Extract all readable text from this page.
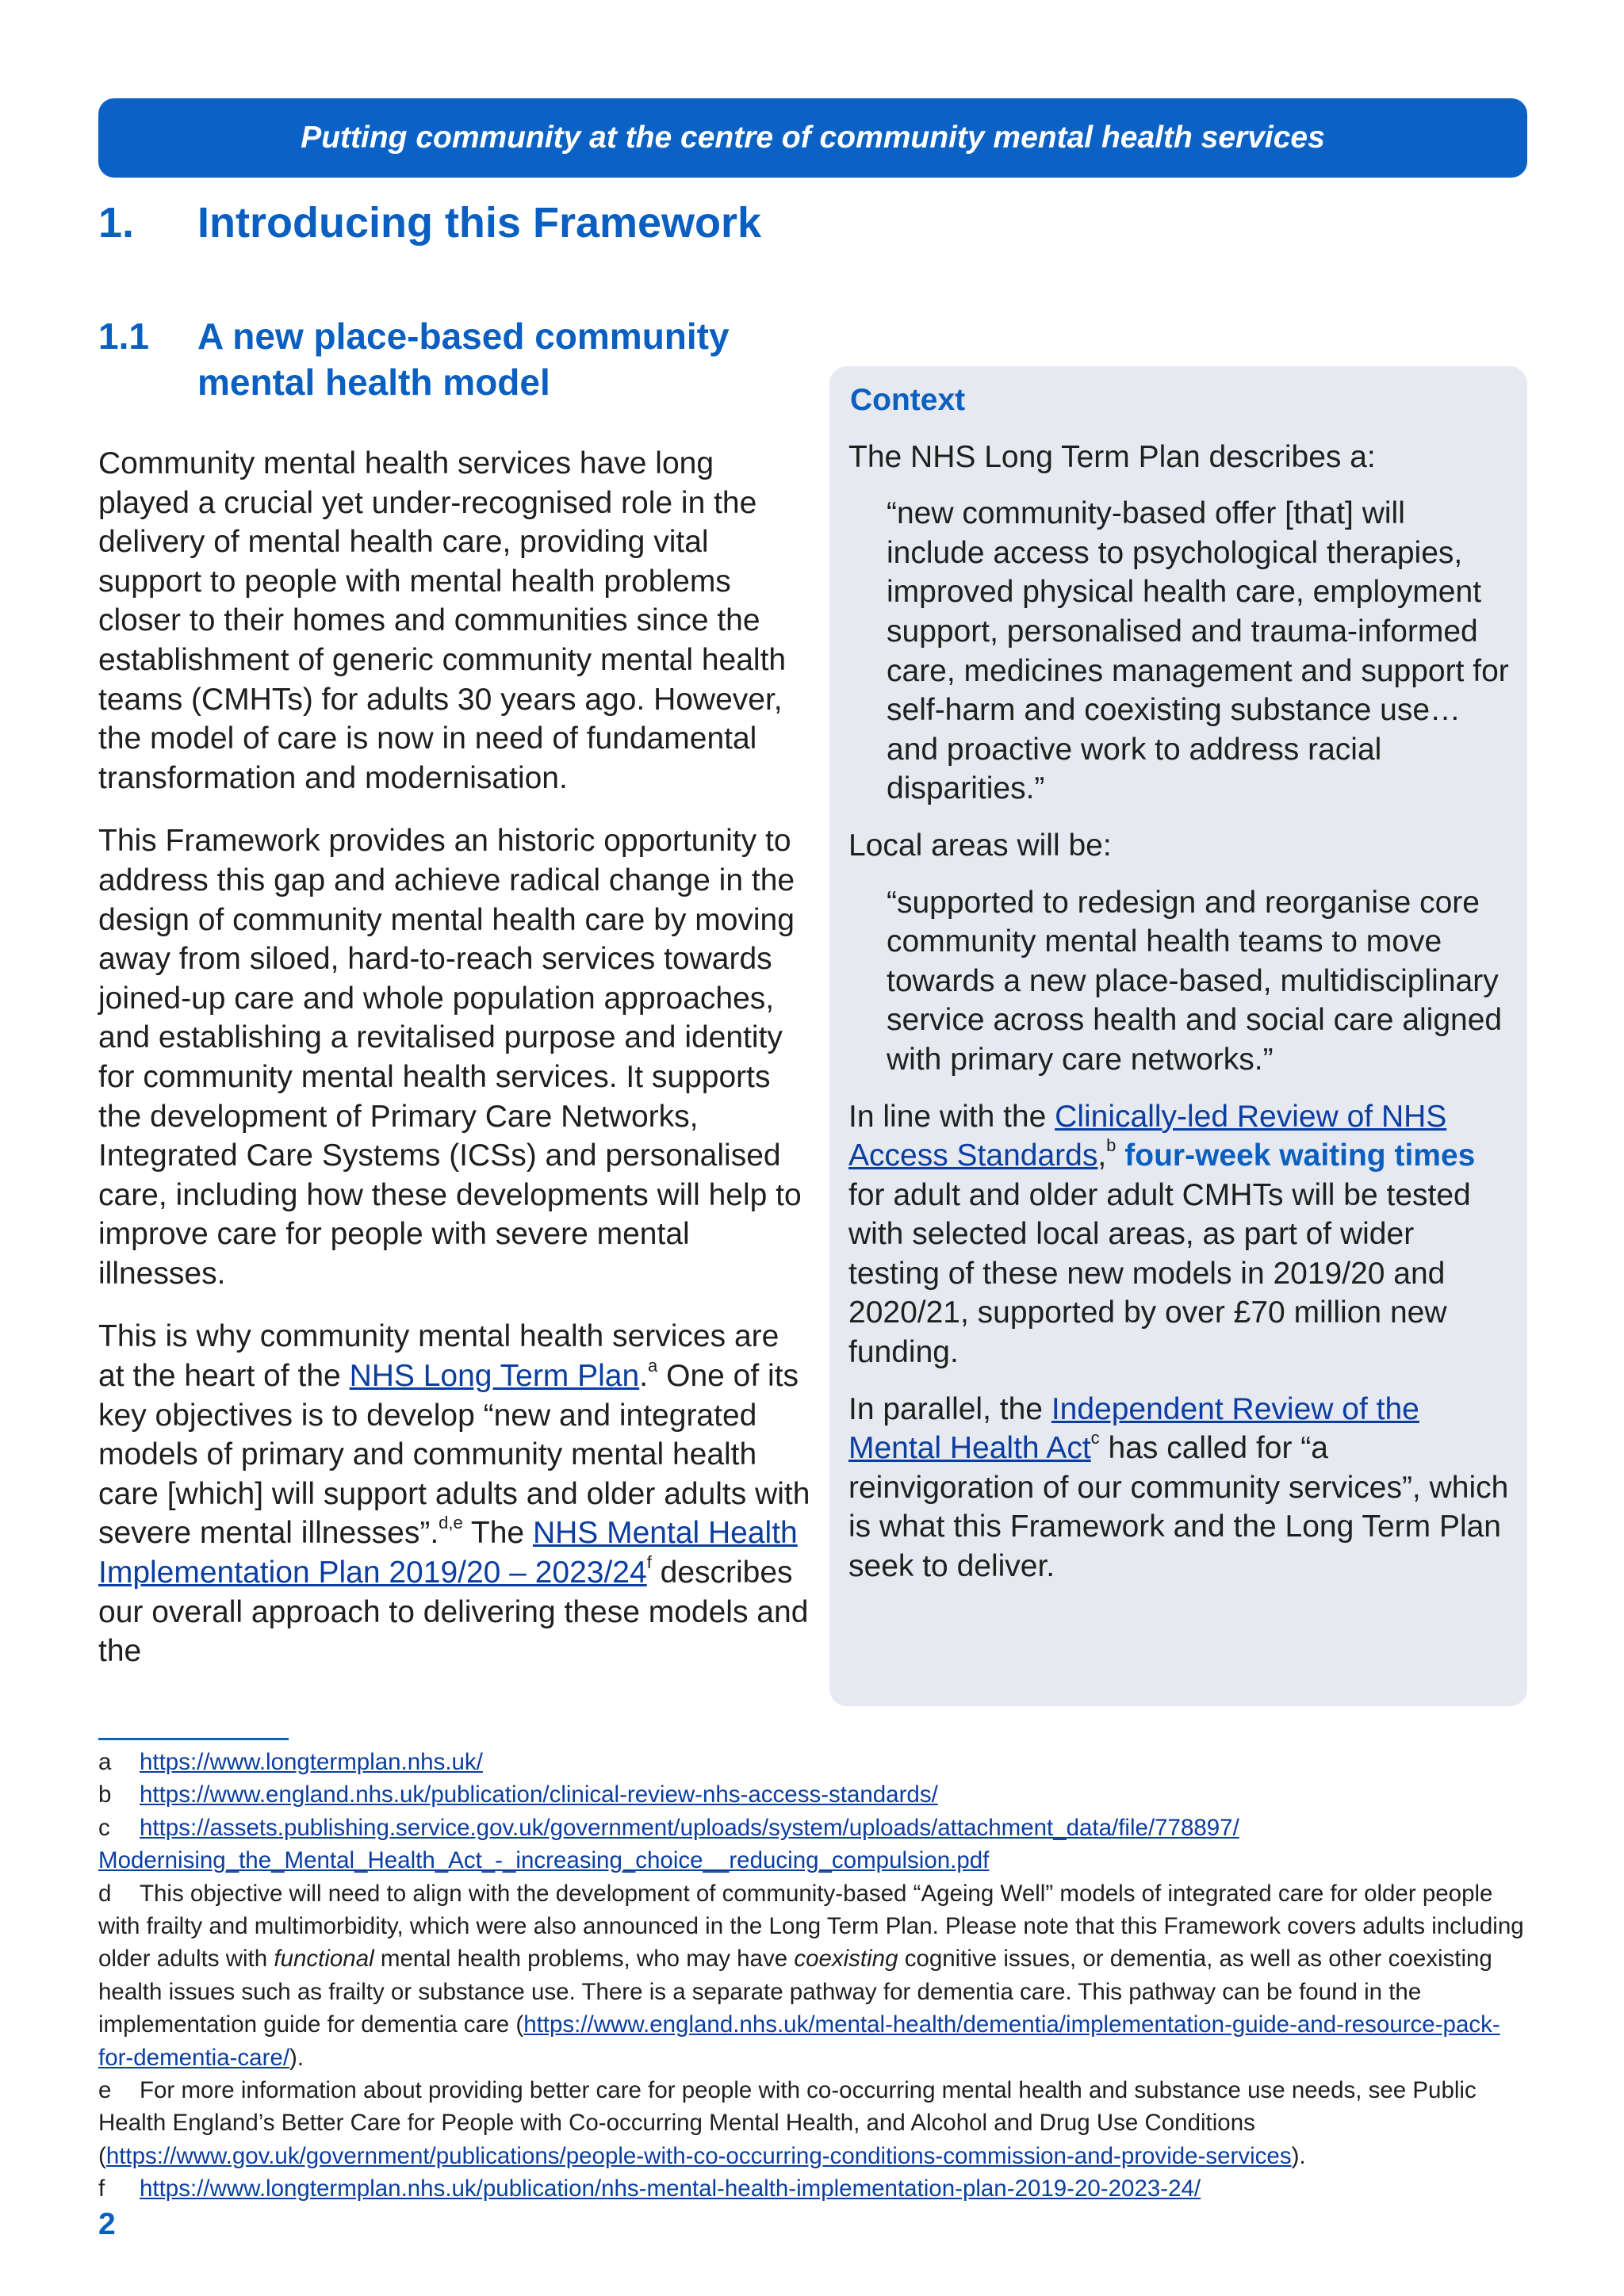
Putting community at the centre of community mental health services
1. Introducing this Framework
1.1 A new place-based community mental health model

Community mental health services have long played a crucial yet under-recognised role in the delivery of mental health care, providing vital support to people with mental health problems closer to their homes and communities since the establishment of generic community mental health teams (CMHTs) for adults 30 years ago. However, the model of care is now in need of fundamental transformation and modernisation.

This Framework provides an historic opportunity to address this gap and achieve radical change in the design of community mental health care by moving away from siloed, hard-to-reach services towards joined-up care and whole population approaches, and establishing a revitalised purpose and identity for community mental health services. It supports the development of Primary Care Networks, Integrated Care Systems (ICSs) and personalised care, including how these developments will help to improve care for people with severe mental illnesses.

This is why community mental health services are at the heart of the NHS Long Term Plan.$^a$ One of its key objectives is to develop “new and integrated models of primary and community mental health care [which] will support adults and older adults with severe mental illnesses”.$^{d,e}$ The NHS Mental Health Implementation Plan 2019/20 – 2023/24$^f$ describes our overall approach to delivering these models and the

Context

The NHS Long Term Plan describes a:

“new community-based offer [that] will include access to psychological therapies, improved physical health care, employment support, personalised and trauma-informed care, medicines management and support for self-harm and coexisting substance use… and proactive work to address racial disparities.”

Local areas will be:

“supported to redesign and reorganise core community mental health teams to move towards a new place-based, multidisciplinary service across health and social care aligned with primary care networks.”

In line with the Clinically-led Review of NHS Access Standards,$^b$ four-week waiting times for adult and older adult CMHTs will be tested with selected local areas, as part of wider testing of these new models in 2019/20 and 2020/21, supported by over £70 million new funding.

In parallel, the Independent Review of the Mental Health Act$^c$ has called for “a reinvigoration of our community services”, which is what this Framework and the Long Term Plan seek to deliver.

a https://www.longtermplan.nhs.uk/

b https://www.england.nhs.uk/publication/clinical-review-nhs-access-standards/

c https://assets.publishing.service.gov.uk/government/uploads/system/uploads/attachment_data/file/778897/
Modernising_the_Mental_Health_Act_-_increasing_choice__reducing_compulsion.pdf

d This objective will need to align with the development of community-based “Ageing Well” models of integrated care for older people with frailty and multimorbidity, which were also announced in the Long Term Plan. Please note that this Framework covers adults including older adults with functional mental health problems, who may have coexisting cognitive issues, or dementia, as well as other coexisting health issues such as frailty or substance use. There is a separate pathway for dementia care. This pathway can be found in the implementation guide for dementia care (https://www.england.nhs.uk/mental-health/dementia/implementation-guide-and-resource-pack-for-dementia-care/).

e For more information about providing better care for people with co-occurring mental health and substance use needs, see Public Health England’s Better Care for People with Co-occurring Mental Health, and Alcohol and Drug Use Conditions (https://www.gov.uk/government/publications/people-with-co-occurring-conditions-commission-and-provide-services).

f https://www.longtermplan.nhs.uk/publication/nhs-mental-health-implementation-plan-2019-20-2023-24/

2
